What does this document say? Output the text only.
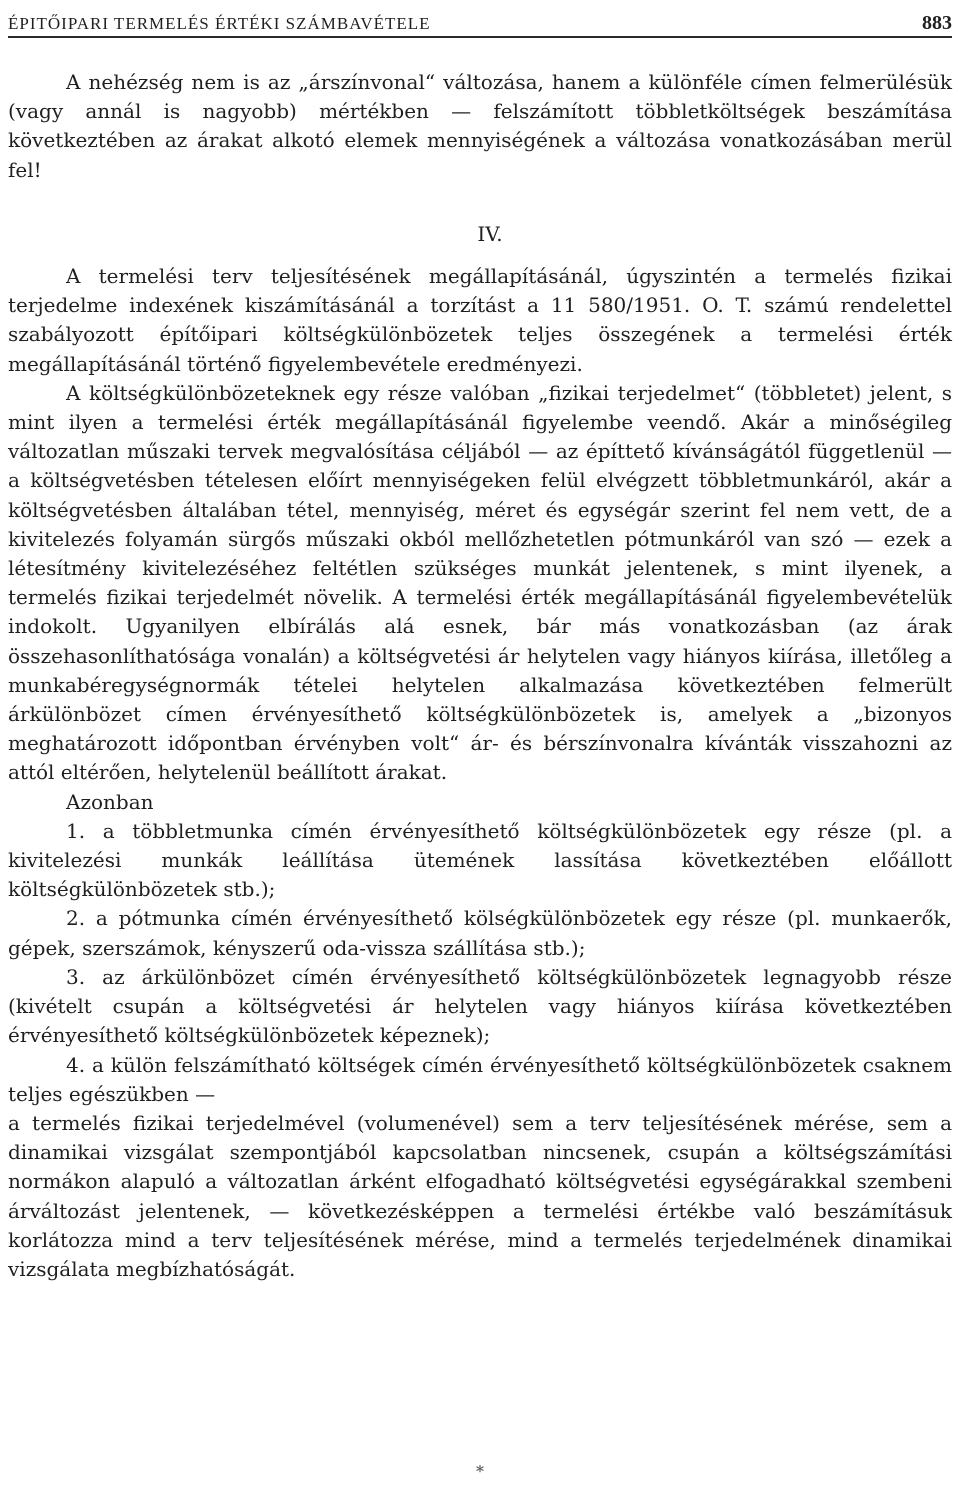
ÉPITŐIPARI TERMELÉS ÉRTÉKI SZÁMBAVÉTELE	883

A nehézség nem is az „árszínvonal“ változása, hanem a különféle címen felmerülésük (vagy annál is nagyobb) mértékben — felszámított többletköltségek beszámítása következtében az árakat alkotó elemek mennyiségének a változása vonatkozásában merül fel!

IV.

A termelési terv teljesítésének megállapításánál, úgyszintén a termelés fizikai terjedelme indexének kiszámításánál a torzítást a 11 580/1951. O. T. számú rendelettel szabályozott építőipari költségkülönbözetek teljes összegének a termelési érték megállapításánál történő figyelembevétele eredményezi.

A költségkülönbözeteknek egy része valóban „fizikai terjedelmet“ (többletet) jelent, s mint ilyen a termelési érték megállapításánál figyelembe veendő. Akár a minőségileg változatlan műszaki tervek megvalósítása céljából — az építtető kívánságától függetlenül — a költségvetésben tételesen előírt mennyiségeken felül elvégzett többletmunkáról, akár a költségvetésben általában tétel, mennyiség, méret és egységár szerint fel nem vett, de a kivitelezés folyamán sürgős műszaki okból mellőzhetetlen pótmunkáról van szó — ezek a létesítmény kivitelezéséhez feltétlen szükséges munkát jelentenek, s mint ilyenek, a termelés fizikai terjedelmét növelik. A termelési érték megállapításánál figyelembevételük indokolt. Ugyanilyen elbírálás alá esnek, bár más vonatkozásban (az árak összehasonlíthatósága vonalán) a költségvetési ár helytelen vagy hiányos kiírása, illetőleg a munkabéregységnormák tételei helytelen alkalmazása következtében felmerült árkülönbözet címen érvényesíthető költségkülönbözetek is, amelyek a „bizonyos meghatározott időpontban érvényben volt“ ár- és bérszínvonalra kívánták visszahozni az attól eltérően, helytelenül beállított árakat.

Azonban

1. a többletmunka címén érvényesíthető költségkülönbözetek egy része (pl. a kivitelezési munkák leállítása ütemének lassítása következtében előállott költségkülönbözetek stb.);

2. a pótmunka címén érvényesíthető kölségkülönbözetek egy része (pl. munkaerők, gépek, szerszámok, kényszerű oda-vissza szállítása stb.);

3. az árkülönbözet címén érvényesíthető költségkülönbözetek legnagyobb része (kivételt csupán a költségvetési ár helytelen vagy hiányos kiírása következtében érvényesíthető költségkülönbözetek képeznek);

4. a külön felszámítható költségek címén érvényesíthető költségkülönbözetek csaknem teljes egészükben —

a termelés fizikai terjedelmével (volumenével) sem a terv teljesítésének mérése, sem a dinamikai vizsgálat szempontjából kapcsolatban nincsenek, csupán a költségszámítási normákon alapuló a változatlan árként elfogadható költségvetési egységárakkal szembeni árváltozást jelentenek, — következésképpen a termelési értékbe való beszámításuk korlátozza mind a terv teljesítésének mérése, mind a termelés terjedelmének dinamikai vizsgálata megbízhatóságát.

*
